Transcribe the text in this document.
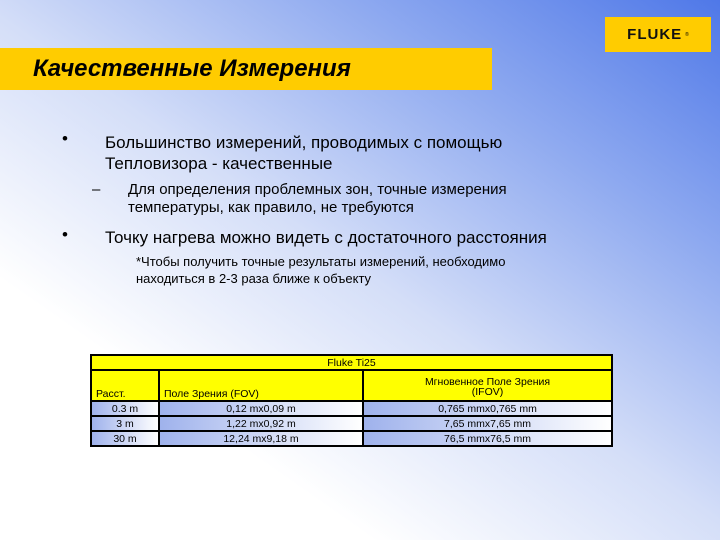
FLUKE ®
Качественные Измерения
• Большинство измерений, проводимых с помощью
Тепловизора - качественные
– Для определения проблемных зон, точные измерения
температуры, как правило, не требуются
• Точку нагрева можно видеть с достаточного расстояния
*Чтобы получить точные результаты измерений, необходимо
находиться в 2-3 раза ближе к объекту
Fluke Ti25		
Расст.	Поле Зрения (FOV)	Мгновенное Поле Зрения
(IFOV)

0.3 m	0,12 mx0,09 m	0,765 mmx0,765 mm
3 m	1,22 mx0,92 m	7,65 mmx7,65 mm
30 m	12,24 mx9,18 m	76,5 mmx76,5 mm
